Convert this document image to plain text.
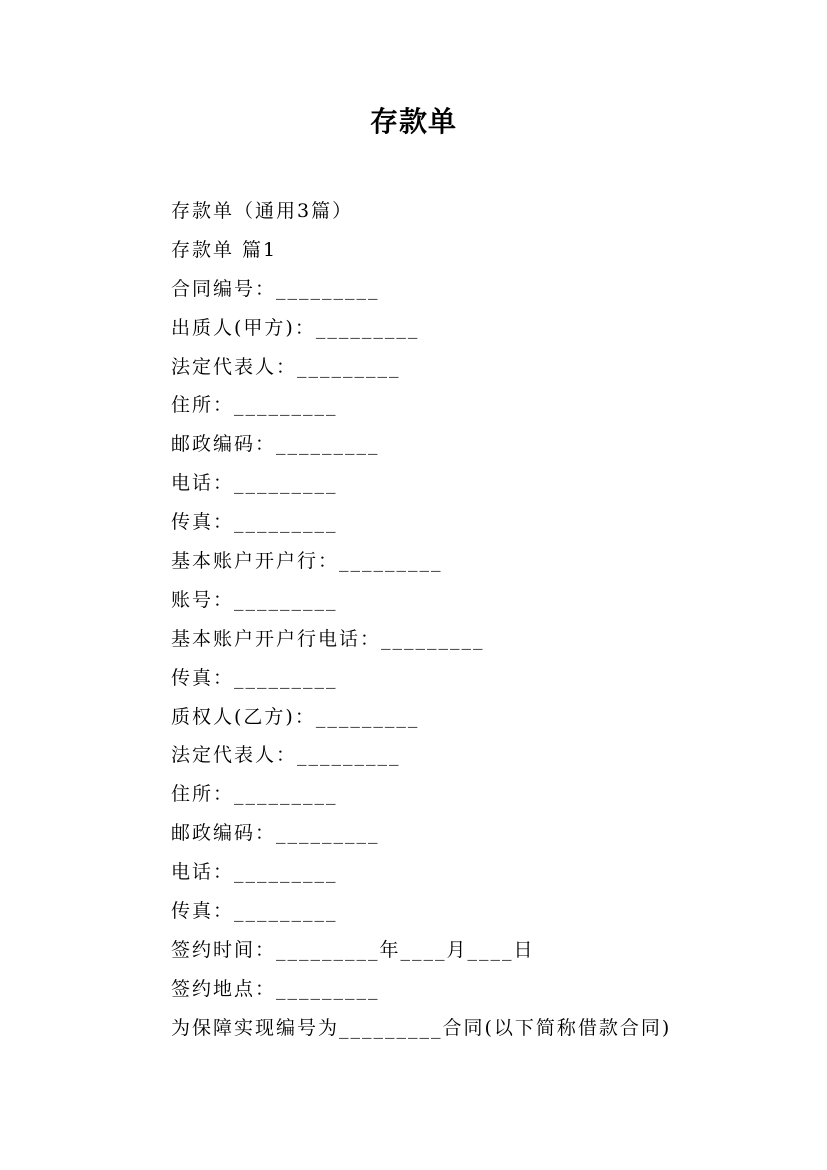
存款单
存款单（通用3篇）
存款单 篇1
合同编号：_________
出质人(甲方)：_________
法定代表人：_________
住所：_________
邮政编码：_________
电话：_________
传真：_________
基本账户开户行：_________
账号：_________
基本账户开户行电话：_________
传真：_________
质权人(乙方)：_________
法定代表人：_________
住所：_________
邮政编码：_________
电话：_________
传真：_________
签约时间：_________年____月____日
签约地点：_________
为保障实现编号为_________合同(以下简称借款合同)
